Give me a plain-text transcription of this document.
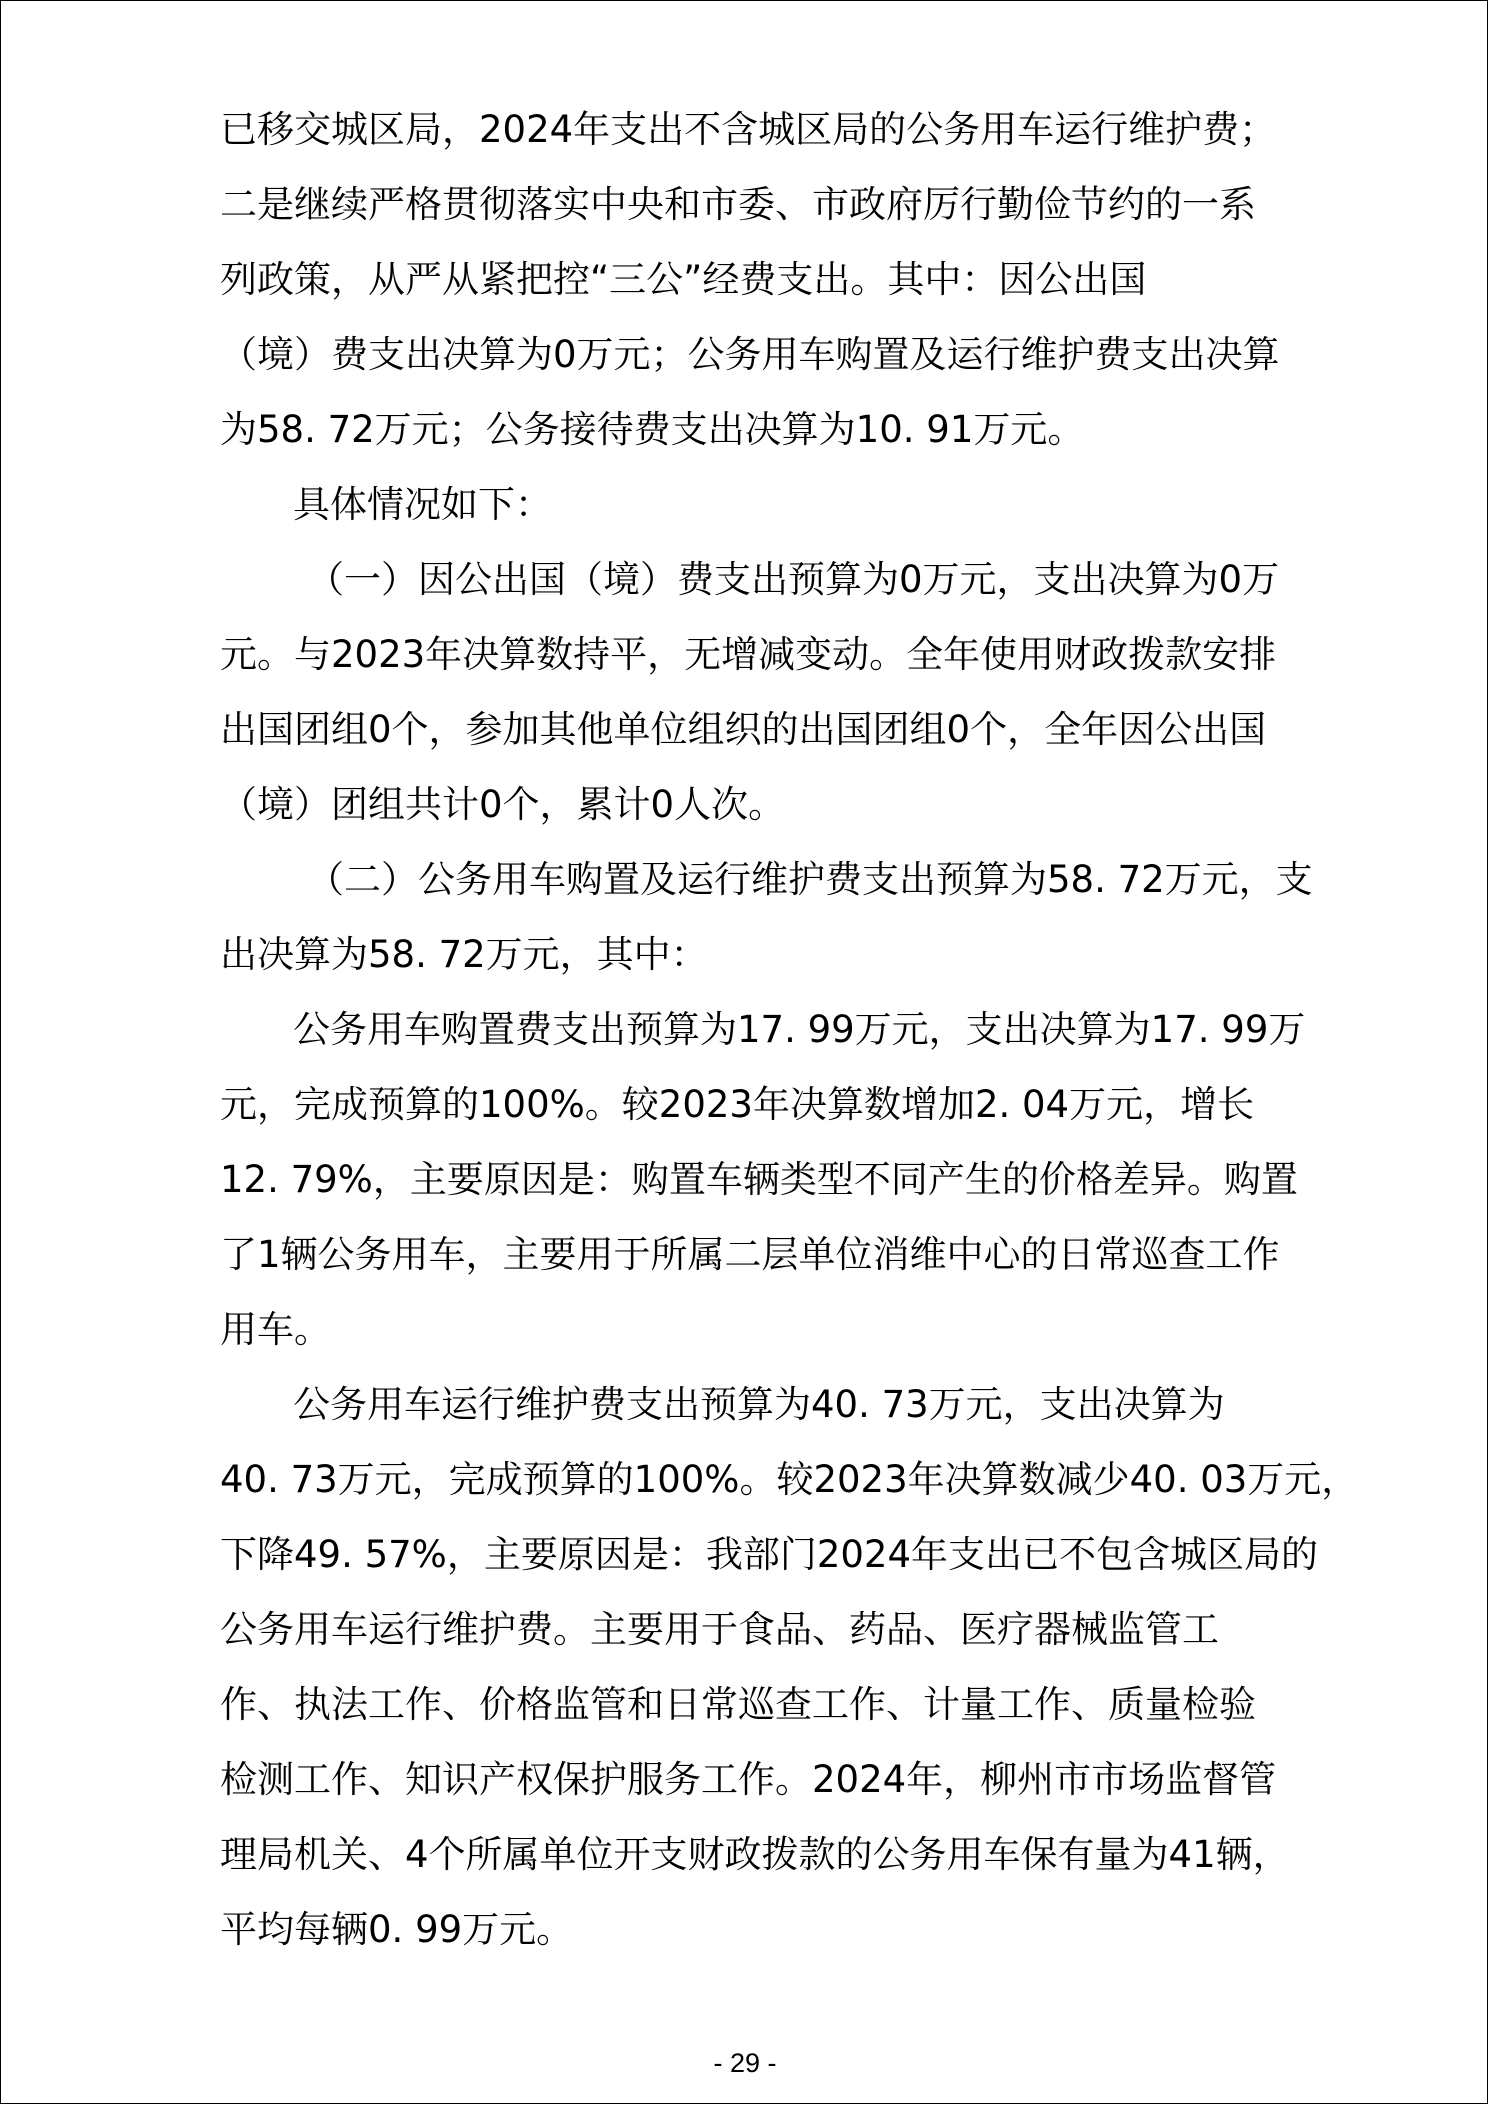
已移交城区局，2024年支出不含城区局的公务用车运行维护费；
二是继续严格贯彻落实中央和市委、市政府厉行勤俭节约的一系
列政策，从严从紧把控“三公”经费支出。其中：因公出国
（境）费支出决算为0万元；公务用车购置及运行维护费支出决算
为58. 72万元；公务接待费支出决算为10. 91万元。
具体情况如下：
（一）因公出国（境）费支出预算为0万元，支出决算为0万
元。与2023年决算数持平，无增减变动。全年使用财政拨款安排
出国团组0个，参加其他单位组织的出国团组0个，全年因公出国
（境）团组共计0个，累计0人次。
（二）公务用车购置及运行维护费支出预算为58. 72万元，支
出决算为58. 72万元，其中：
公务用车购置费支出预算为17. 99万元，支出决算为17. 99万
元，完成预算的100%。较2023年决算数增加2. 04万元，增长
12. 79%，主要原因是：购置车辆类型不同产生的价格差异。购置
了1辆公务用车，主要用于所属二层单位消维中心的日常巡查工作
用车。
公务用车运行维护费支出预算为40. 73万元，支出决算为
40. 73万元，完成预算的100%。较2023年决算数减少40. 03万元，
下降49. 57%，主要原因是：我部门2024年支出已不包含城区局的
公务用车运行维护费。主要用于食品、药品、医疗器械监管工
作、执法工作、价格监管和日常巡查工作、计量工作、质量检验
检测工作、知识产权保护服务工作。2024年，柳州市市场监督管
理局机关、4个所属单位开支财政拨款的公务用车保有量为41辆，
平均每辆0. 99万元。
- 29 -
